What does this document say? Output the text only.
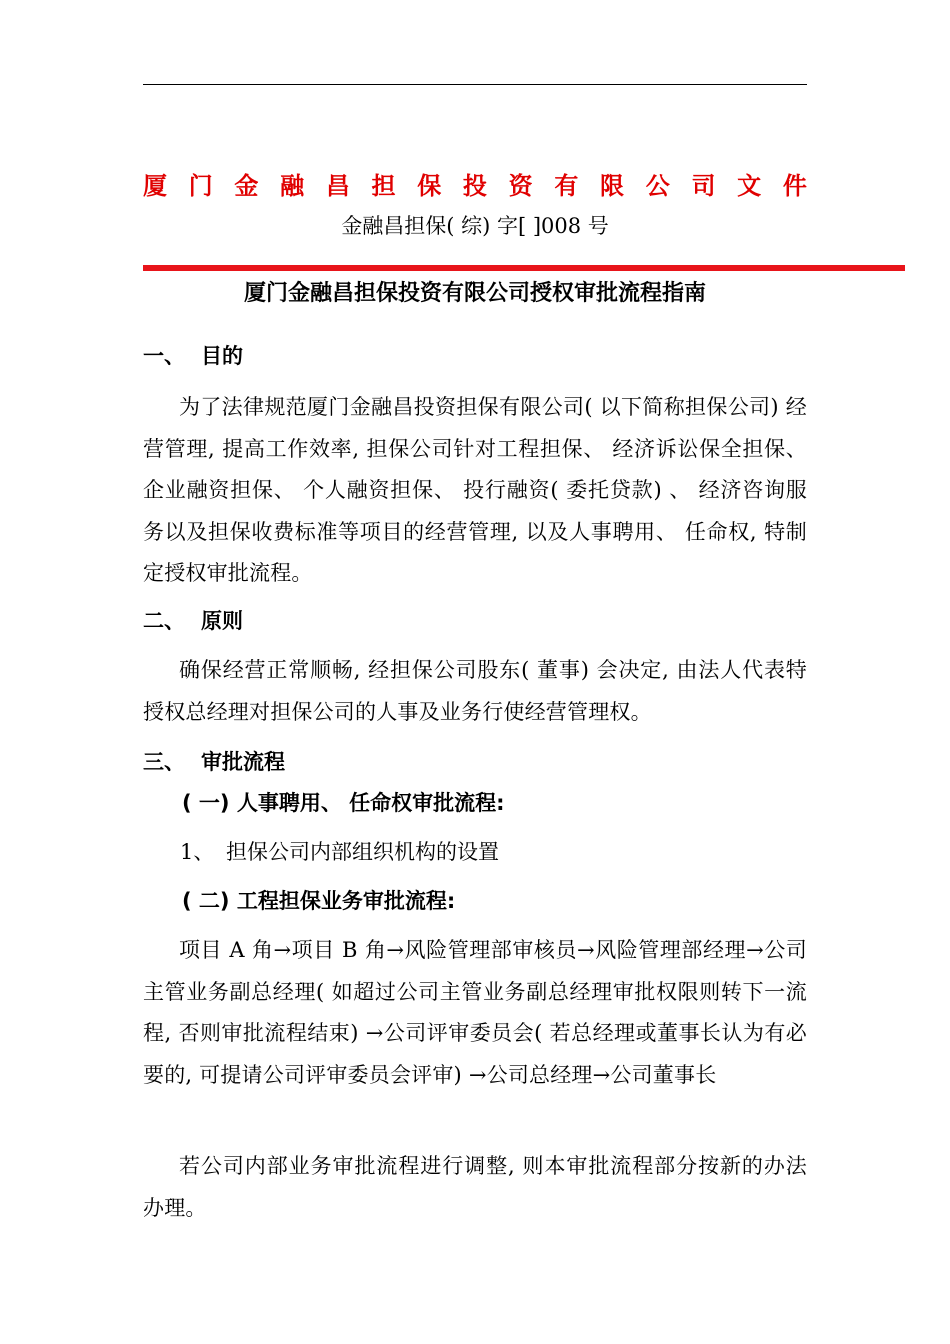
厦 门 金 融 昌 担 保 投 资 有 限 公 司 文 件
金融昌担保( 综) 字[ ]008 号
厦门金融昌担保投资有限公司授权审批流程指南
一、 目的

为了法律规范厦门金融昌投资担保有限公司( 以下简称担保公司) 经营管理, 提高工作效率, 担保公司针对工程担保、 经济诉讼保全担保、 企业融资担保、 个人融资担保、 投行融资( 委托贷款) 、 经济咨询服务以及担保收费标准等项目的经营管理, 以及人事聘用、 任命权, 特制定授权审批流程。

二、 原则

确保经营正常顺畅, 经担保公司股东( 董事) 会决定, 由法人代表特授权总经理对担保公司的人事及业务行使经营管理权。

三、 审批流程
( 一) 人事聘用、 任命权审批流程:
1、 担保公司内部组织机构的设置
( 二) 工程担保业务审批流程:

项目 A 角→项目 B 角→风险管理部审核员→风险管理部经理→公司主管业务副总经理( 如超过公司主管业务副总经理审批权限则转下一流程, 否则审批流程结束) →公司评审委员会( 若总经理或董事长认为有必要的, 可提请公司评审委员会评审) →公司总经理→公司董事长

若公司内部业务审批流程进行调整, 则本审批流程部分按新的办法办理。
